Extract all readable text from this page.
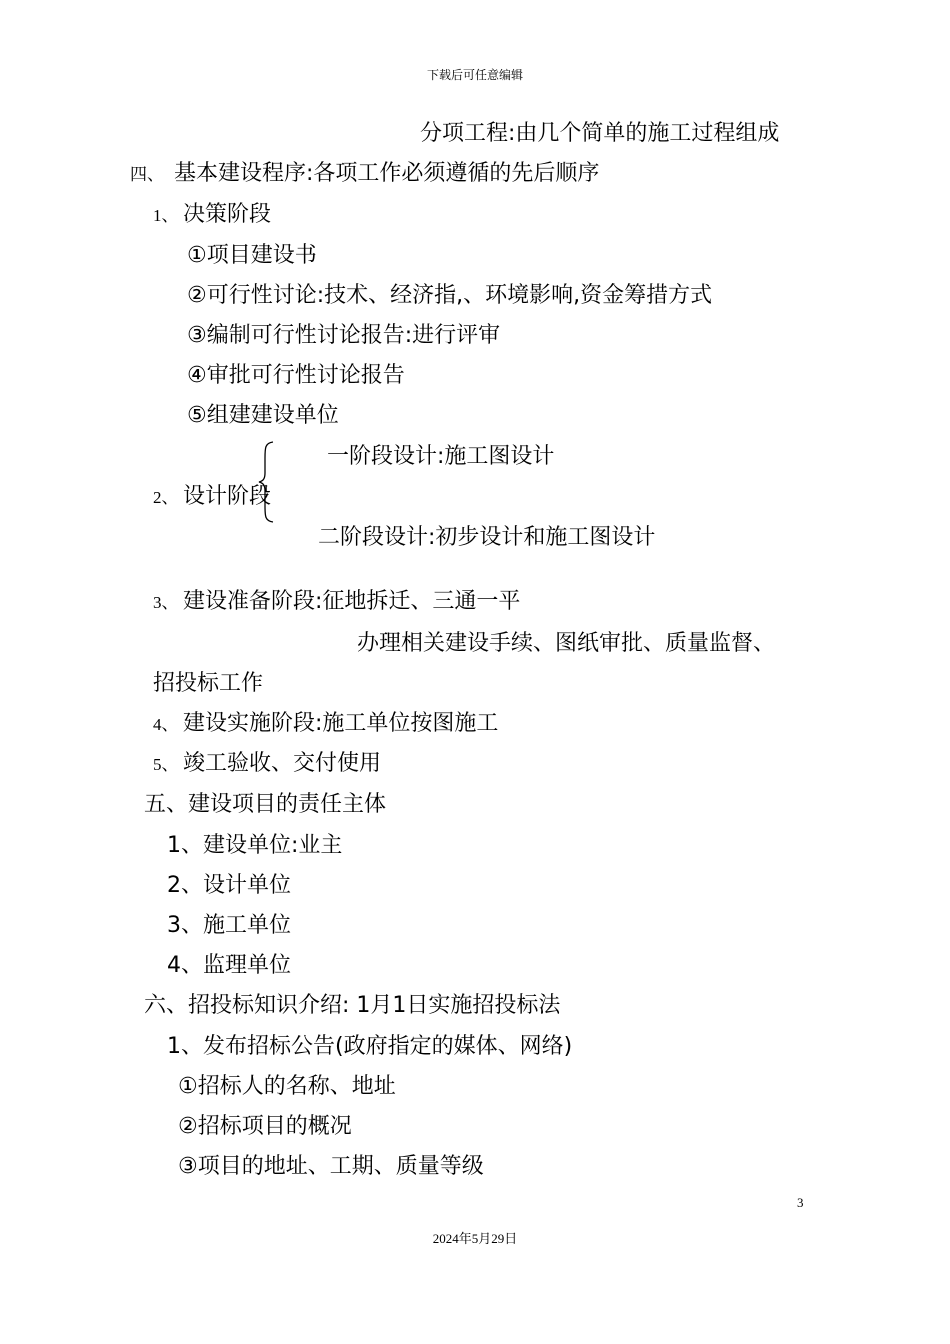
下载后可任意编辑
分项工程:由几个简单的施工过程组成
四、 基本建设程序:各项工作必须遵循的先后顺序
1、 决策阶段
①项目建设书
②可行性讨论:技术、经济指,、环境影响,资金筹措方式
③编制可行性讨论报告:进行评审
④审批可行性讨论报告
⑤组建建设单位
一阶段设计:施工图设计
2、 设计阶段
二阶段设计:初步设计和施工图设计
3、 建设准备阶段:征地拆迁、三通一平
办理相关建设手续、图纸审批、质量监督、
招投标工作
4、 建设实施阶段:施工单位按图施工
5、 竣工验收、交付使用
五、建设项目的责任主体
1、建设单位:业主
2、设计单位
3、施工单位
4、监理单位
六、招投标知识介绍: 1月1日实施招投标法
1、发布招标公告(政府指定的媒体、网络)
①招标人的名称、地址
②招标项目的概况
③项目的地址、工期、质量等级
3
2024年5月29日
